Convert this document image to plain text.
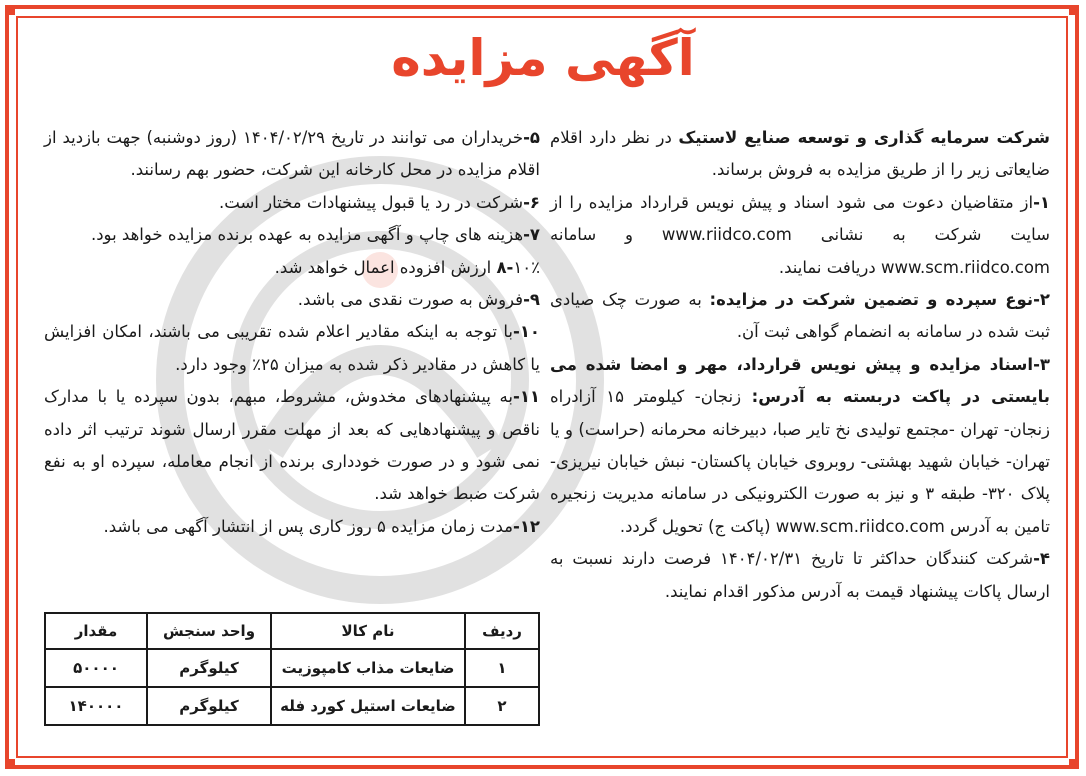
آگهی مزایده

شرکت سرمایه گذاری و توسعه صنایع لاستیک در نظر دارد اقلام ضایعاتی زیر را از طریق مزایده به فروش برساند.

۱-از متقاضیان دعوت می شود اسناد و پیش نویس قرارداد مزایده را از سایت شرکت به نشانی www.riidco.com و سامانه www.scm.riidco.com دریافت نمایند.

۲-نوع سپرده و تضمین شرکت در مزایده: به صورت چک صیادی ثبت شده در سامانه به انضمام گواهی ثبت آن.

۳-اسناد مزایده و پیش نویس قرارداد، مهر و امضا شده می بایستی در پاکت دربسته به آدرس: زنجان- کیلومتر ۱۵ آزادراه زنجان- تهران -مجتمع تولیدی نخ تایر صبا، دبیرخانه محرمانه (حراست) و یا تهران- خیابان شهید بهشتی- روبروی خیابان پاکستان- نبش خیابان نیریزی- پلاک ۳۲۰- طبقه ۳ و نیز به صورت الکترونیکی در سامانه مدیریت زنجیره تامین به آدرس www.scm.riidco.com (پاکت ج) تحویل گردد.

۴-شرکت کنندگان حداکثر تا تاریخ ۱۴۰۴/۰۲/۳۱ فرصت دارند نسبت به ارسال پاکات پیشنهاد قیمت به آدرس مذکور اقدام نمایند.

۵-خریداران می توانند در تاریخ ۱۴۰۴/۰۲/۲۹ (روز دوشنبه) جهت بازدید از اقلام مزایده در محل کارخانه این شرکت، حضور بهم رسانند.

۶-شرکت در رد یا قبول پیشنهادات مختار است.

۷-هزینه های چاپ و آگهی مزایده به عهده برنده مزایده خواهد بود.

۸-۱۰٪ ارزش افزوده اعمال خواهد شد.

۹-فروش به صورت نقدی می باشد.

۱۰-با توجه به اینکه مقادیر اعلام شده تقریبی می باشند، امکان افزایش یا کاهش در مقادیر ذکر شده به میزان ۲۵٪ وجود دارد.

۱۱-به پیشنهادهای مخدوش، مشروط، مبهم، بدون سپرده یا با مدارک ناقص و پیشنهادهایی که بعد از مهلت مقرر ارسال شوند ترتیب اثر داده نمی شود و در صورت خودداری برنده از انجام معامله، سپرده او به نفع شرکت ضبط خواهد شد.

۱۲-مدت زمان مزایده ۵ روز کاری پس از انتشار آگهی می باشد.

ردیف	نام کالا	واحد سنجش	مقدار
۱	ضایعات مذاب کامپوزیت	کیلوگرم	۵۰۰۰۰
۲	ضایعات استیل کورد فله	کیلوگرم	۱۴۰۰۰۰
